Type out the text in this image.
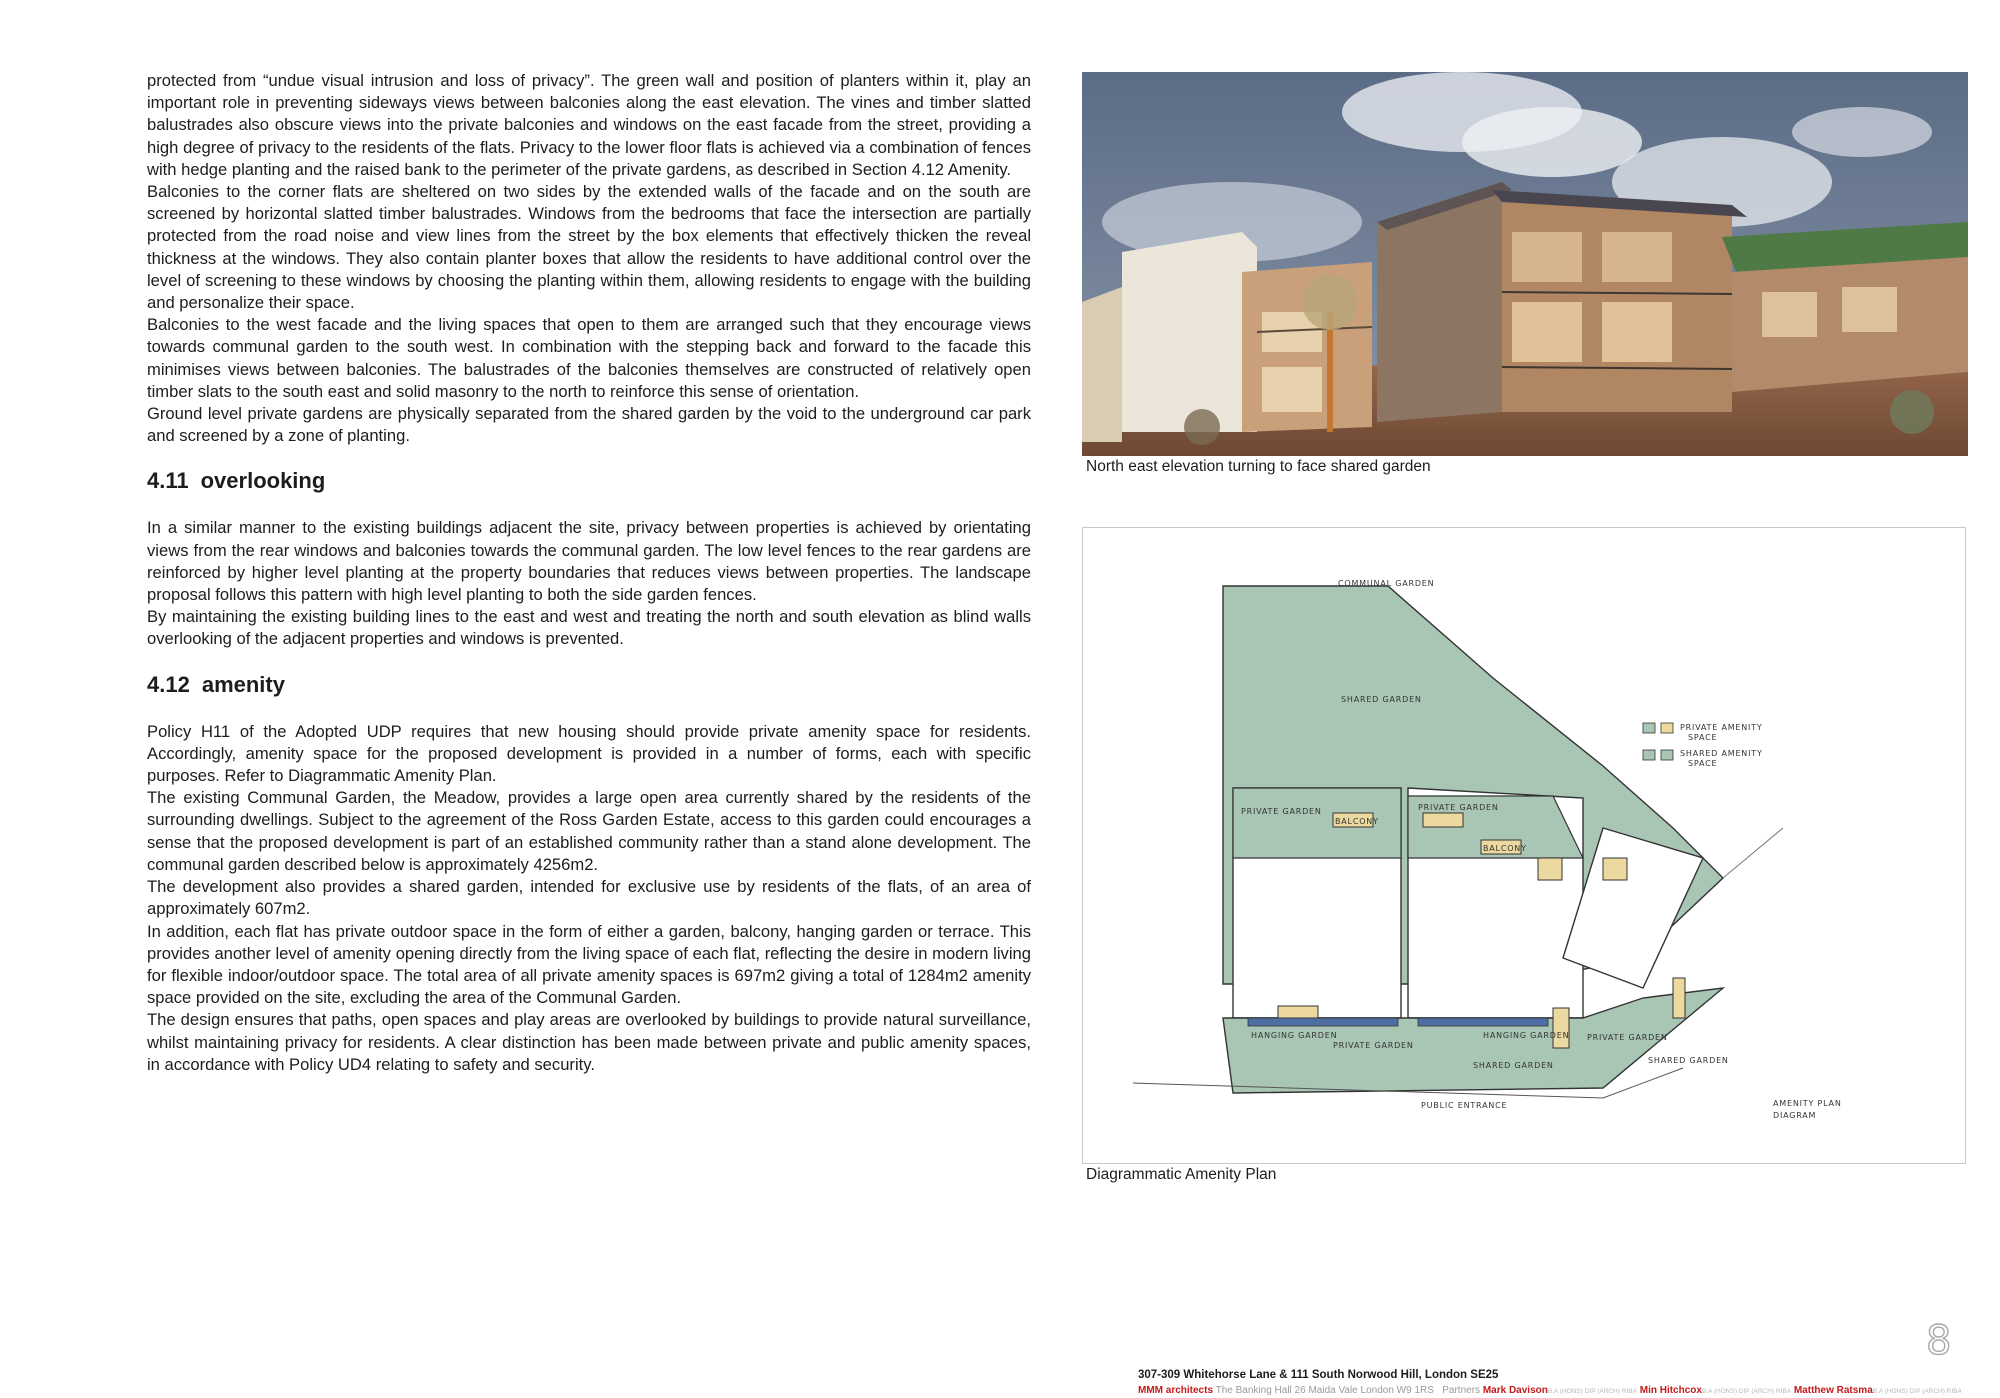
protected from “undue visual intrusion and loss of privacy”. The green wall and position of planters within it, play an important role in preventing sideways views between balconies along the east elevation. The vines and timber slatted balustrades also obscure views into the private balconies and windows on the east facade from the street, providing a high degree of privacy to the residents of the flats. Privacy to the lower floor flats is achieved via a combination of fences with hedge planting and the raised bank to the perimeter of the private gardens, as described in Section 4.12 Amenity.

Balconies to the corner flats are sheltered on two sides by the extended walls of the facade and on the south are screened by horizontal slatted timber balustrades. Windows from the bedrooms that face the intersection are partially protected from the road noise and view lines from the street by the box elements that effectively thicken the reveal thickness at the windows. They also contain planter boxes that allow the residents to have additional control over the level of screening to these windows by choosing the planting within them, allowing residents to engage with the building and personalize their space.

Balconies to the west facade and the living spaces that open to them are arranged such that they encourage views towards communal garden to the south west. In combination with the stepping back and forward to the facade this minimises views between balconies. The balustrades of the balconies themselves are constructed of relatively open timber slats to the south east and solid masonry to the north to reinforce this sense of orientation.

Ground level private gardens are physically separated from the shared garden by the void to the underground car park and screened by a zone of planting.

4.11 overlooking

In a similar manner to the existing buildings adjacent the site, privacy between properties is achieved by orientating views from the rear windows and balconies towards the communal garden. The low level fences to the rear gardens are reinforced by higher level planting at the property boundaries that reduces views between properties. The landscape proposal follows this pattern with high level planting to both the side garden fences.

By maintaining the existing building lines to the east and west and treating the north and south elevation as blind walls overlooking of the adjacent properties and windows is prevented.

4.12 amenity

Policy H11 of the Adopted UDP requires that new housing should provide private amenity space for residents. Accordingly, amenity space for the proposed development is provided in a number of forms, each with specific purposes. Refer to Diagrammatic Amenity Plan.

The existing Communal Garden, the Meadow, provides a large open area currently shared by the residents of the surrounding dwellings. Subject to the agreement of the Ross Garden Estate, access to this garden could encourages a sense that the proposed development is part of an established community rather than a stand alone development. The communal garden described below is approximately 4256m2.

The development also provides a shared garden, intended for exclusive use by residents of the flats, of an area of approximately 607m2.

In addition, each flat has private outdoor space in the form of either a garden, balcony, hanging garden or terrace. This provides another level of amenity opening directly from the living space of each flat, reflecting the desire in modern living for flexible indoor/outdoor space. The total area of all private amenity spaces is 697m2 giving a total of 1284m2 amenity space provided on the site, excluding the area of the Communal Garden.

The design ensures that paths, open spaces and play areas are overlooked by buildings to provide natural surveillance, whilst maintaining privacy for residents. A clear distinction has been made between private and public amenity spaces, in accordance with Policy UD4 relating to safety and security.

North east elevation turning to face shared garden
COMMUNAL GARDEN
SHARED GARDEN
PRIVATE AMENITY
SPACE
SHARED AMENITY
SPACE
PRIVATE GARDEN
BALCONY
PRIVATE GARDEN
BALCONY
HANGING GARDEN
PRIVATE GARDEN
HANGING GARDEN PRIVATE GARDEN
SHARED GARDEN
SHARED GARDEN
PUBLIC ENTRANCE	AMENITY PLAN
DIAGRAM
Diagrammatic Amenity Plan
8
307-309 Whitehorse Lane & 111 South Norwood Hill, London SE25
MMM architects The Banking Hall 26 Maida Vale London W9 1RS Partners Mark DavisonB.A (HONS) DIP (ARCH) RIBA Min HitchcoxB.A (HONS) DIP (ARCH) RIBA Matthew RatsmaB.A (HONS) DIP (ARCH) RIBA
